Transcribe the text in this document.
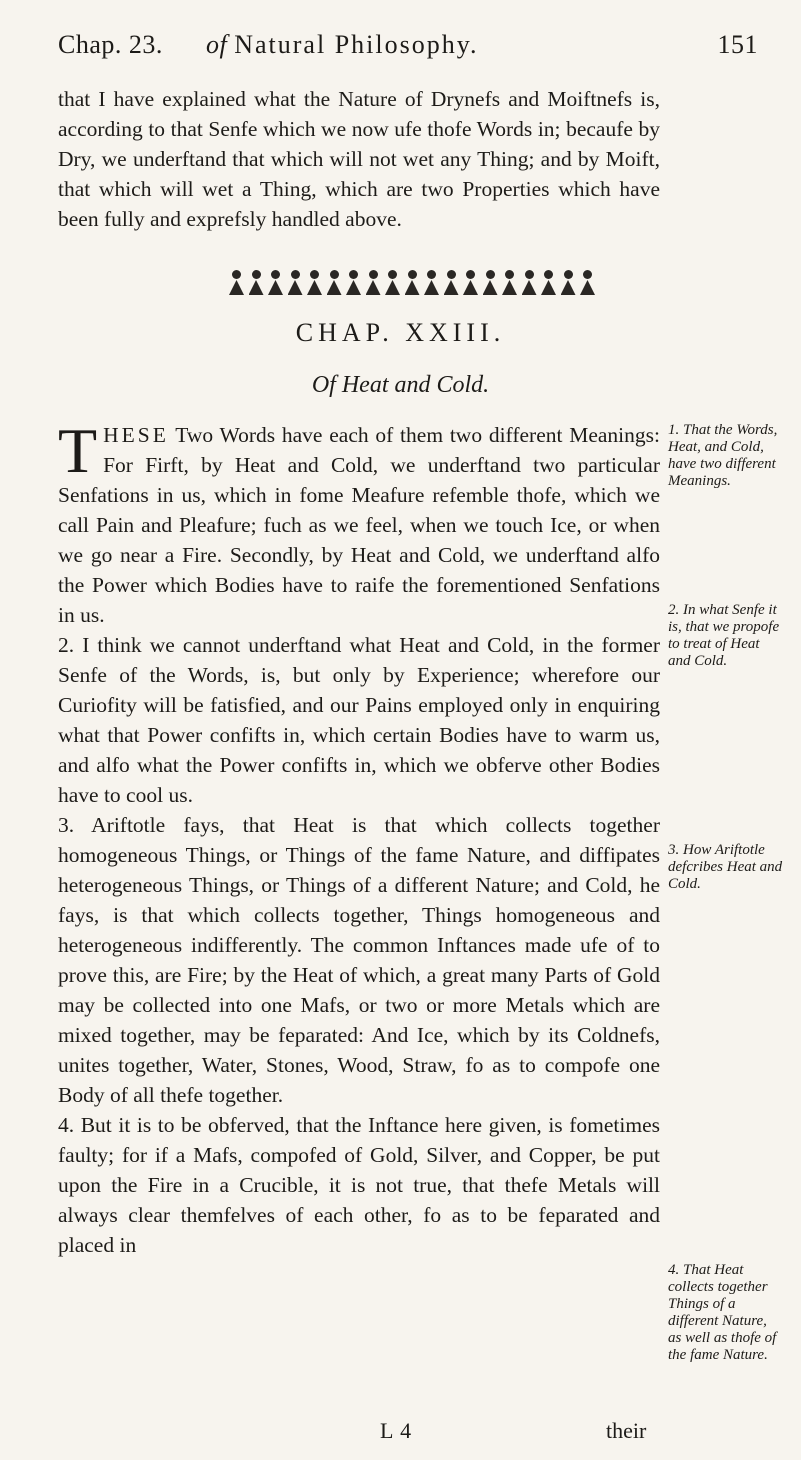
Chap. 23. of Natural Philosophy.	151

that I have explained what the Nature of Drynefs and Moiftnefs is, according to that Senfe which we now ufe thofe Words in; becaufe by Dry, we underftand that which will not wet any Thing; and by Moift, that which will wet a Thing, which are two Properties which have been fully and exprefsly handled above.

CHAP. XXIII.
Of Heat and Cold.

THESE Two Words have each of them two different Meanings: For Firft, by Heat and Cold, we underftand two particular Senfations in us, which in fome Meafure refemble thofe, which we call Pain and Pleafure; fuch as we feel, when we touch Ice, or when we go near a Fire. Secondly, by Heat and Cold, we underftand alfo the Power which Bodies have to raife the forementioned Senfations in us.

2. I think we cannot underftand what Heat and Cold, in the former Senfe of the Words, is, but only by Experience; wherefore our Curiofity will be fatisfied, and our Pains employed only in enquiring what that Power confifts in, which certain Bodies have to warm us, and alfo what the Power confifts in, which we obferve other Bodies have to cool us.

3. Ariftotle fays, that Heat is that which collects together homogeneous Things, or Things of the fame Nature, and diffipates heterogeneous Things, or Things of a different Nature; and Cold, he fays, is that which collects together, Things homogeneous and heterogeneous indifferently. The common Inftances made ufe of to prove this, are Fire; by the Heat of which, a great many Parts of Gold may be collected into one Mafs, or two or more Metals which are mixed together, may be feparated: And Ice, which by its Coldnefs, unites together, Water, Stones, Wood, Straw, fo as to compofe one Body of all thefe together.

4. But it is to be obferved, that the Inftance here given, is fometimes faulty; for if a Mafs, compofed of Gold, Silver, and Copper, be put upon the Fire in a Crucible, it is not true, that thefe Metals will always clear themfelves of each other, fo as to be feparated and placed in

1. That the Words, Heat, and Cold, have two different Meanings.
2. In what Senfe it is, that we propofe to treat of Heat and Cold.
3. How Ariftotle defcribes Heat and Cold.
4. That Heat collects together Things of a different Nature, as well as thofe of the fame Nature.
L 4	their
